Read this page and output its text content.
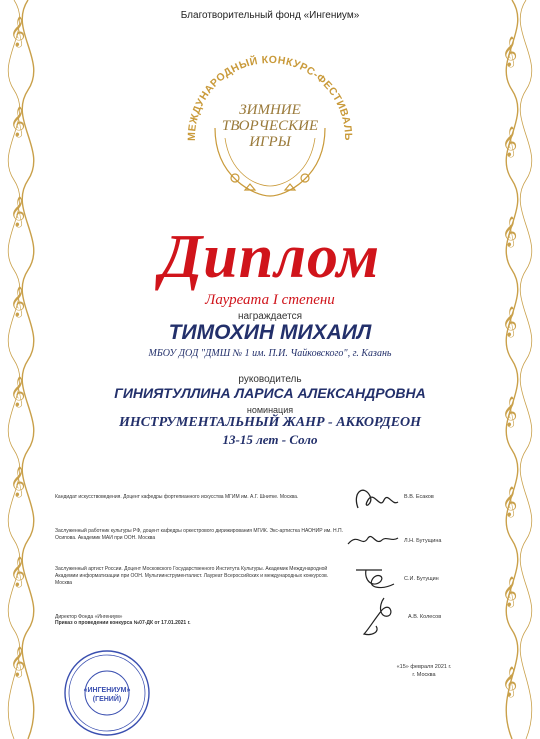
𝄞
𝄞
𝄞
𝄞
𝄞
𝄞
𝄞
𝄞
𝄞
𝄞
𝄞
𝄞
𝄞
𝄞
𝄞
𝄞
Благотворительный фонд «Ингениум»
МЕЖДУНАРОДНЫЙ КОНКУРС-ФЕСТИВАЛЬ
ЗИМНИЕ
ТВОРЧЕСКИЕ
ИГРЫ
Диплом
Лауреата I степени
награждается
ТИМОХИН МИХАИЛ
МБОУ ДОД "ДМШ № 1 им. П.И. Чайковского", г. Казань
руководитель
ГИНИЯТУЛЛИНА ЛАРИСА АЛЕКСАНДРОВНА
номинация
ИНСТРУМЕНТАЛЬНЫЙ ЖАНР - АККОРДЕОН
13-15 лет - Соло
Кандидат искусствоведения. Доцент кафедры фортепианного искусства МГИМ им. А.Г. Шнитке. Москва.	В.В. Есаков
Заслуженный работник культуры РФ, доцент кафедры оркестрового дирижирования МГИК. Экс-артистка НАОНИР им. Н.П. Осипова. Академик МАИ при ООН. Москва	Л.Н. Бутущина
Заслуженный артист России. Доцент Московского Государственного Института Культуры. Академик Международной Академии информатизации при ООН. Мультиинструменталист. Лауреат Всероссийских и международных конкурсов. Москва
С.И. Бутущин
Директор Фонда «Ингениум»
Приказ о проведении конкурса №07-ДК от 17.01.2021 г.
А.В. Колесов
«ИНГЕНИУМ»
(ГЕНИЙ)
«15» февраля 2021 г.
г. Москва
